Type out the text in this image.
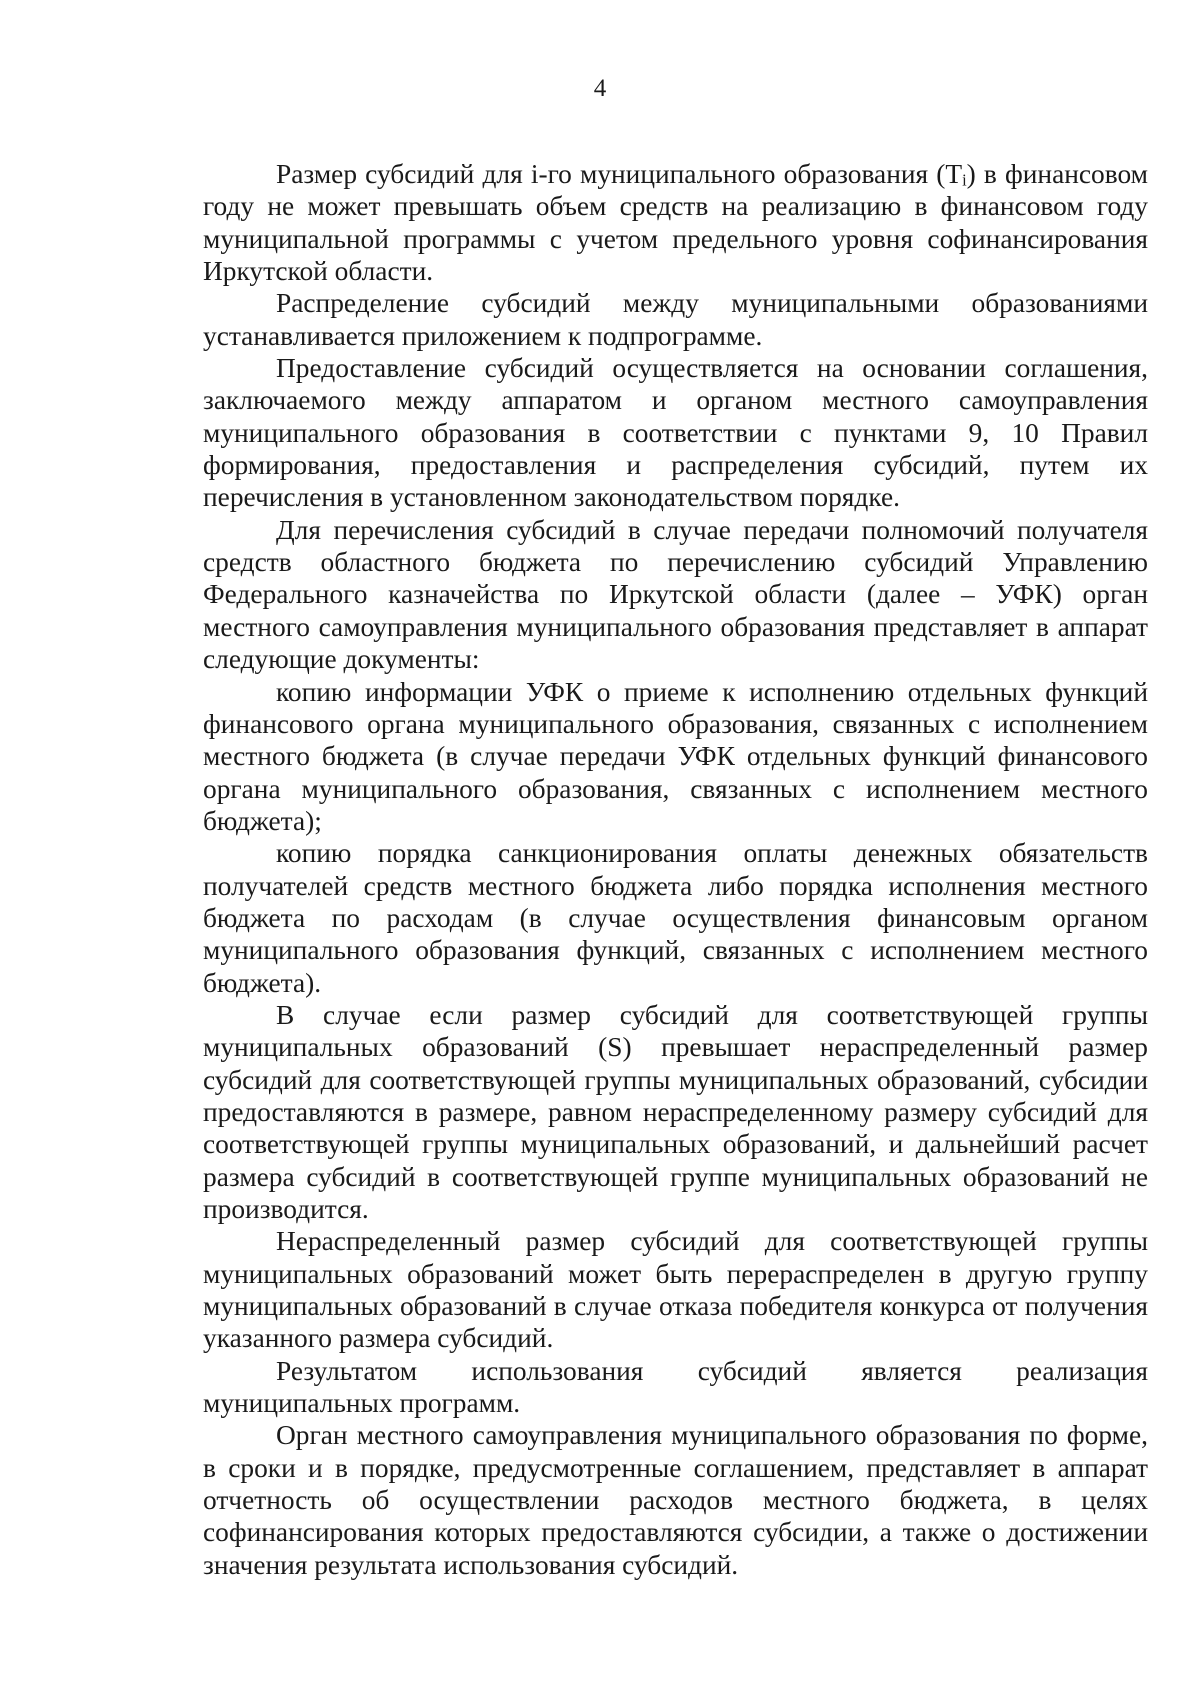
4

Размер субсидий для i-го муниципального образования (Tᵢ) в финансовом году не может превышать объем средств на реализацию в финансовом году муниципальной программы с учетом предельного уровня софинансирования Иркутской области.

Распределение субсидий между муниципальными образованиями устанавливается приложением к подпрограмме.

Предоставление субсидий осуществляется на основании соглашения, заключаемого между аппаратом и органом местного самоуправления муниципального образования в соответствии с пунктами 9, 10 Правил формирования, предоставления и распределения субсидий, путем их перечисления в установленном законодательством порядке.

Для перечисления субсидий в случае передачи полномочий получателя средств областного бюджета по перечислению субсидий Управлению Федерального казначейства по Иркутской области (далее – УФК) орган местного самоуправления муниципального образования представляет в аппарат следующие документы:

копию информации УФК о приеме к исполнению отдельных функций финансового органа муниципального образования, связанных с исполнением местного бюджета (в случае передачи УФК отдельных функций финансового органа муниципального образования, связанных с исполнением местного бюджета);

копию порядка санкционирования оплаты денежных обязательств получателей средств местного бюджета либо порядка исполнения местного бюджета по расходам (в случае осуществления финансовым органом муниципального образования функций, связанных с исполнением местного бюджета).

В случае если размер субсидий для соответствующей группы муниципальных образований (S) превышает нераспределенный размер субсидий для соответствующей группы муниципальных образований, субсидии предоставляются в размере, равном нераспределенному размеру субсидий для соответствующей группы муниципальных образований, и дальнейший расчет размера субсидий в соответствующей группе муниципальных образований не производится.

Нераспределенный размер субсидий для соответствующей группы муниципальных образований может быть перераспределен в другую группу муниципальных образований в случае отказа победителя конкурса от получения указанного размера субсидий.

Результатом использования субсидий является реализация муниципальных программ.

Орган местного самоуправления муниципального образования по форме, в сроки и в порядке, предусмотренные соглашением, представляет в аппарат отчетность об осуществлении расходов местного бюджета, в целях софинансирования которых предоставляются субсидии, а также о достижении значения результата использования субсидий.
